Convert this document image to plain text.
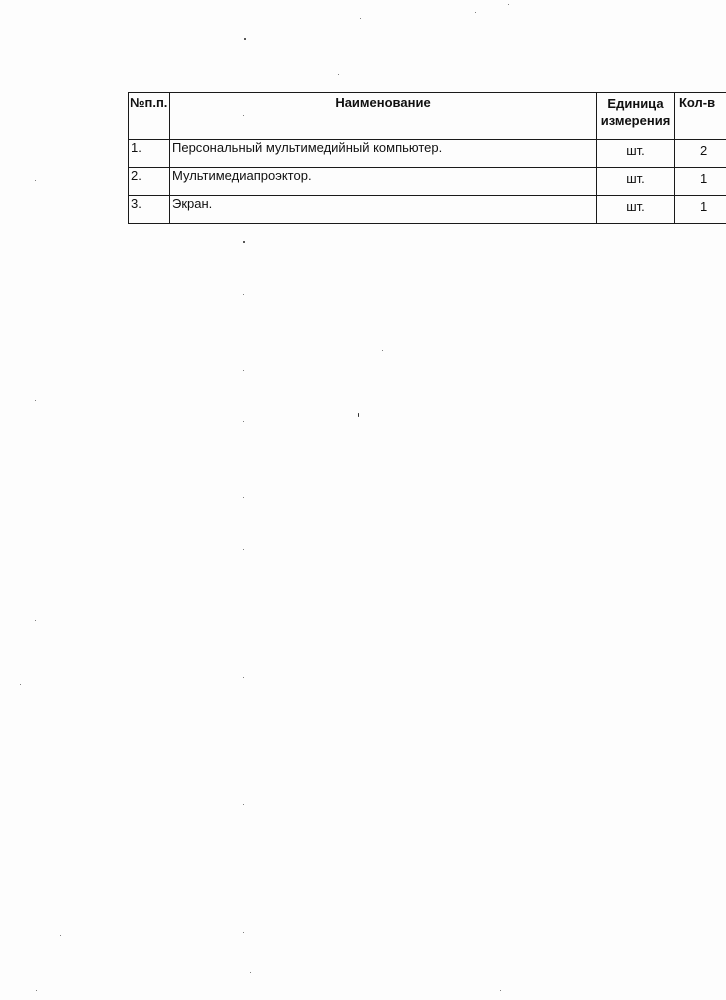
№п.п.	Наименование	Единица измерения	Кол-в
1.	Персональный мультимедийный компьютер.	шт.	2
2.	Мультимедиапроэктор.	шт.	1
3.	Экран.	шт.	1
